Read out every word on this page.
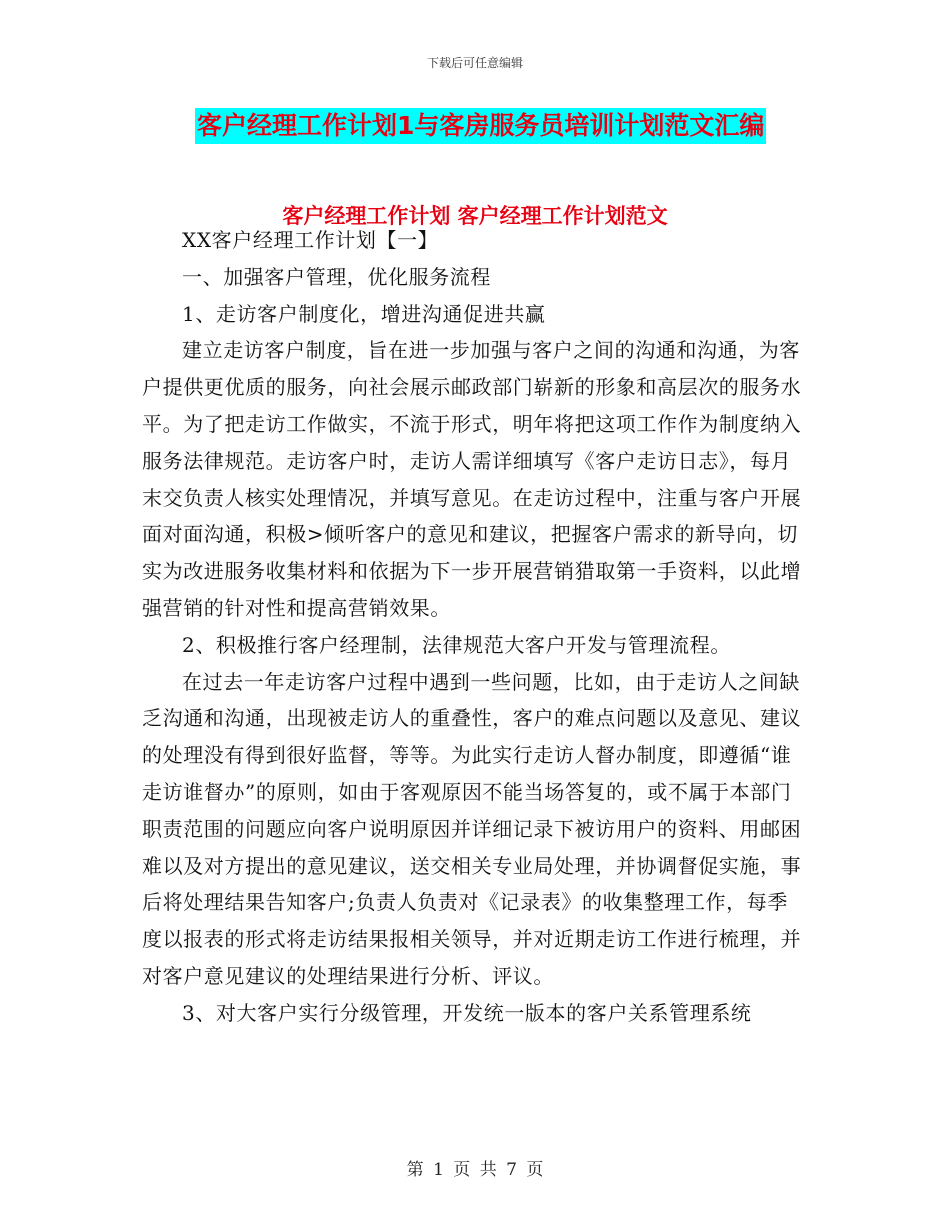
下载后可任意编辑
客户经理工作计划1与客房服务员培训计划范文汇编
客户经理工作计划 客户经理工作计划范文

XX客户经理工作计划【一】

一、加强客户管理，优化服务流程

1、走访客户制度化，增进沟通促进共赢

建立走访客户制度，旨在进一步加强与客户之间的沟通和沟通，为客户提供更优质的服务，向社会展示邮政部门崭新的形象和高层次的服务水平。为了把走访工作做实，不流于形式，明年将把这项工作作为制度纳入服务法律规范。走访客户时，走访人需详细填写《客户走访日志》，每月末交负责人核实处理情况，并填写意见。在走访过程中，注重与客户开展面对面沟通，积极>倾听客户的意见和建议，把握客户需求的新导向，切实为改进服务收集材料和依据为下一步开展营销猎取第一手资料，以此增强营销的针对性和提高营销效果。

2、积极推行客户经理制，法律规范大客户开发与管理流程。

在过去一年走访客户过程中遇到一些问题，比如，由于走访人之间缺乏沟通和沟通，出现被走访人的重叠性，客户的难点问题以及意见、建议的处理没有得到很好监督，等等。为此实行走访人督办制度，即遵循“谁走访谁督办”的原则，如由于客观原因不能当场答复的，或不属于本部门职责范围的问题应向客户说明原因并详细记录下被访用户的资料、用邮困难以及对方提出的意见建议，送交相关专业局处理，并协调督促实施，事后将处理结果告知客户;负责人负责对《记录表》的收集整理工作，每季度以报表的形式将走访结果报相关领导，并对近期走访工作进行梳理，并对客户意见建议的处理结果进行分析、评议。

3、对大客户实行分级管理，开发统一版本的客户关系管理系统

第 1 页 共 7 页
